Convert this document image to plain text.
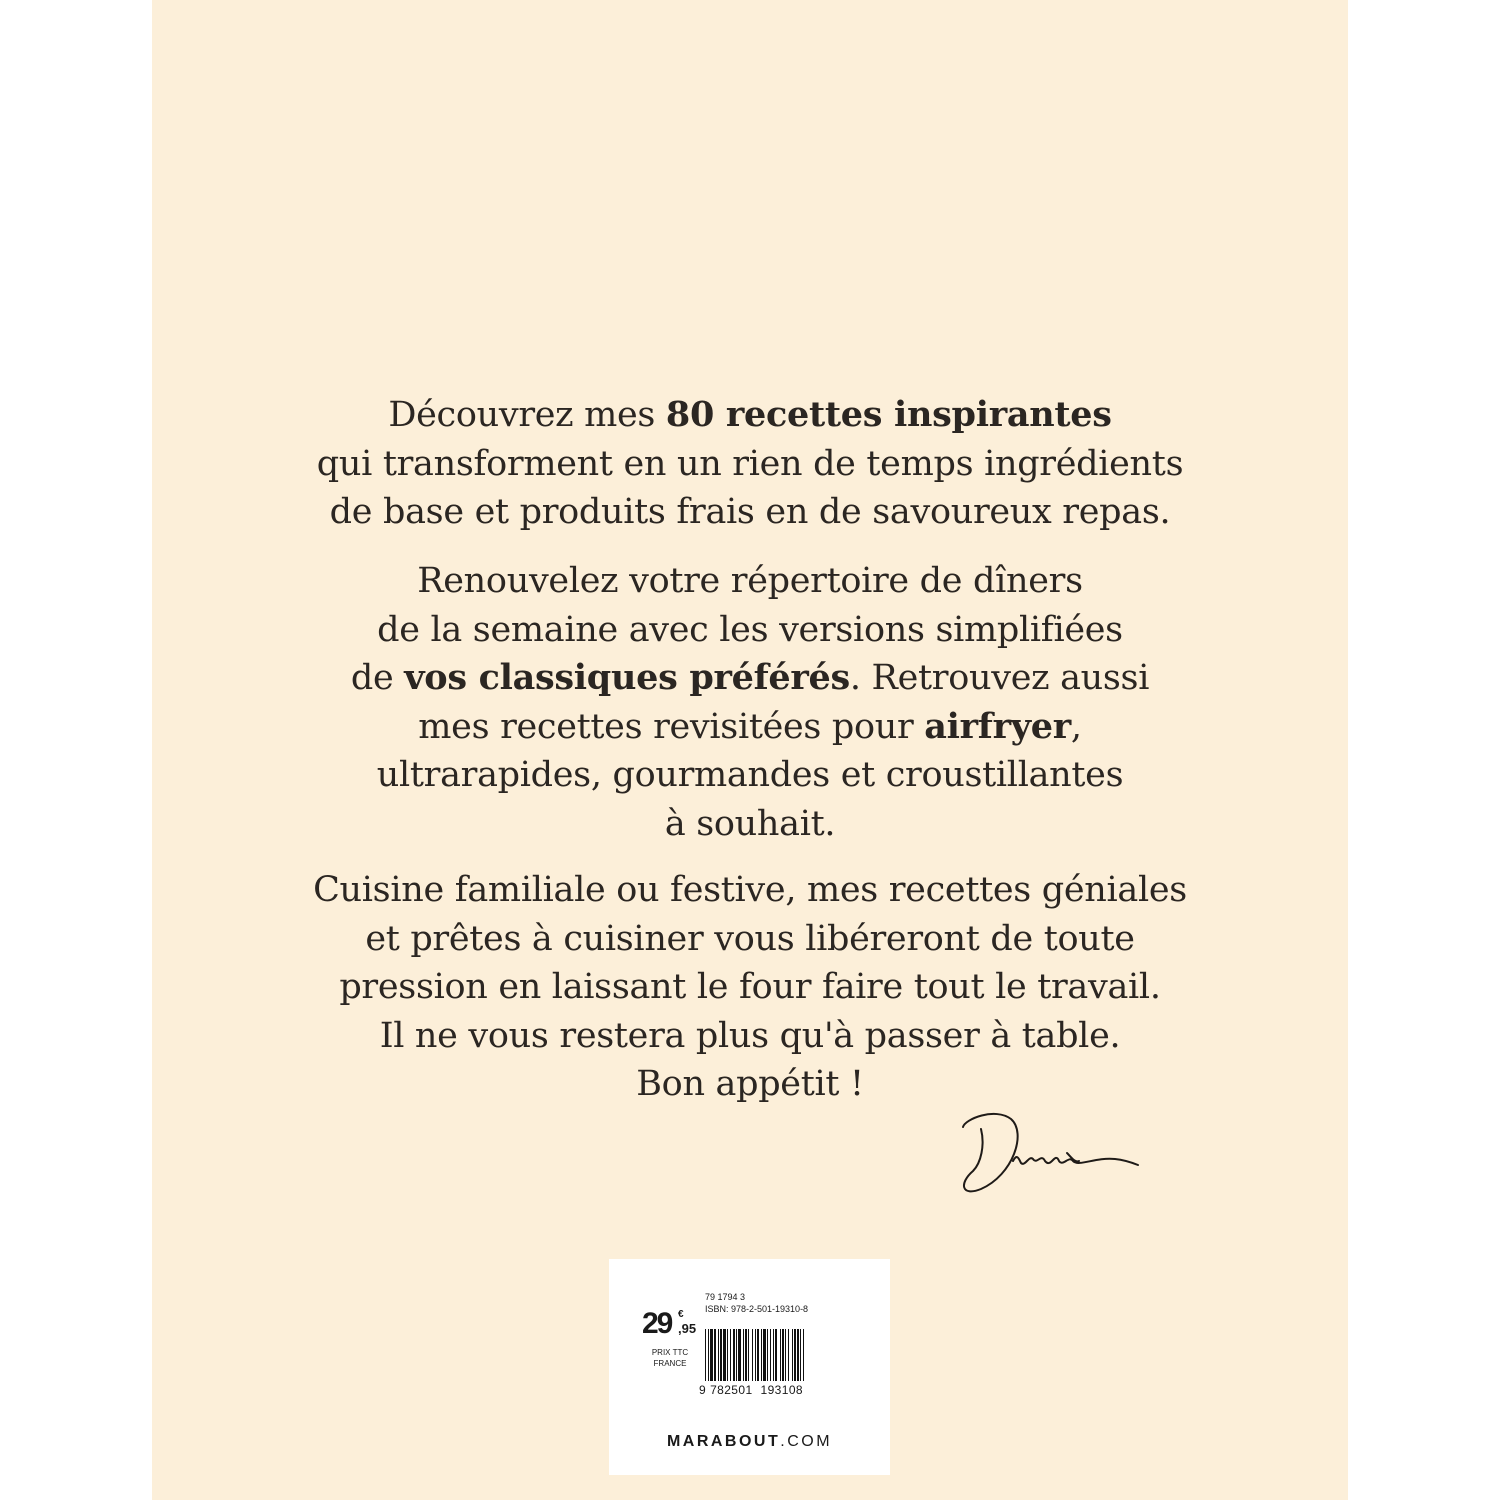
Découvrez mes 80 recettes inspirantes
qui transforment en un rien de temps ingrédients
de base et produits frais en de savoureux repas.
Renouvelez votre répertoire de dîners
de la semaine avec les versions simplifiées
de vos classiques préférés. Retrouvez aussi
mes recettes revisitées pour airfryer,
ultrarapides, gourmandes et croustillantes
à souhait.
Cuisine familiale ou festive, mes recettes géniales
et prêtes à cuisiner vous libéreront de toute
pression en laissant le four faire tout le travail.
Il ne vous restera plus qu'à passer à table.
Bon appétit !
29 €
,95
PRIX TTC
FRANCE
79 1794 3
ISBN: 978-2-501-19310-8
9 782501 193108
MARABOUT.COM
